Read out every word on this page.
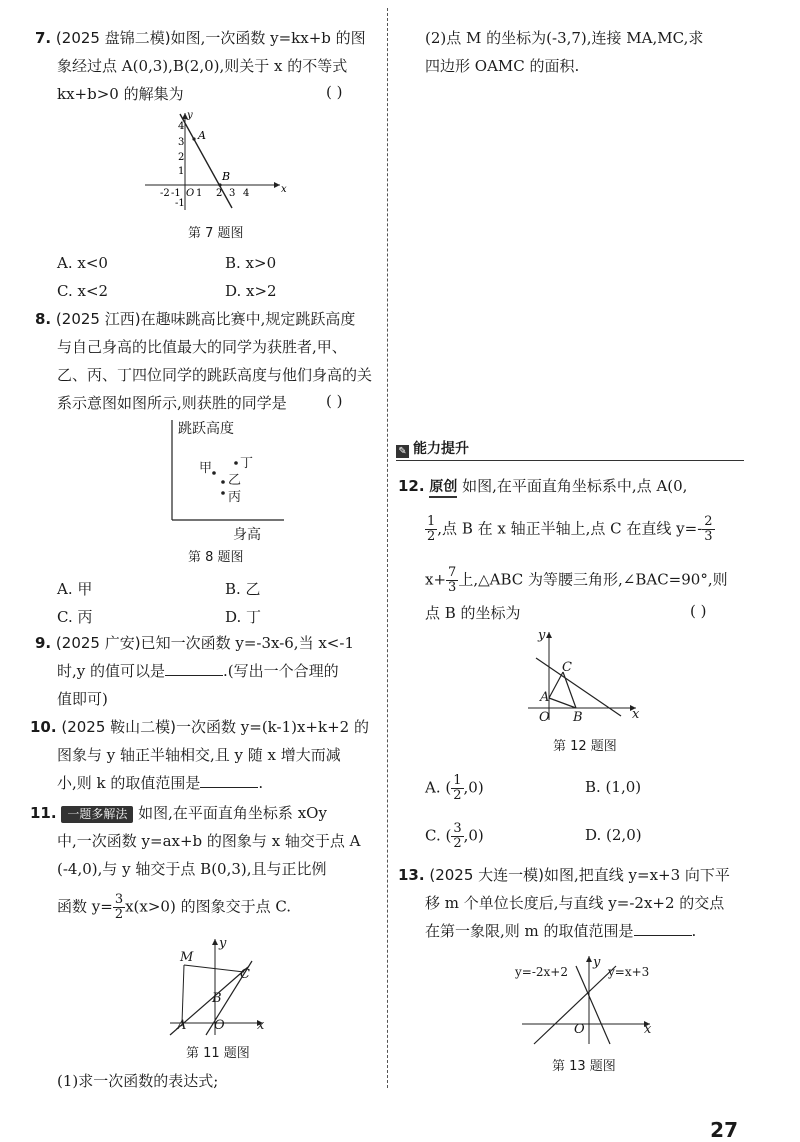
7. (2025 盘锦二模)如图,一次函数 y=kx+b 的图
象经过点 A(0,3),B(2,0),则关于 x 的不等式
kx+b>0 的解集为	( )
y
x
A
B
-2 -1 O 1 2 3 4
4
3
2
1
-1
第 7 题图
A. x<0	B. x>0
C. x<2	D. x>2
8. (2025 江西)在趣味跳高比赛中,规定跳跃高度
与自己身高的比值最大的同学为获胜者,甲、
乙、丙、丁四位同学的跳跃高度与他们身高的关
系示意图如图所示,则获胜的同学是	( )
跳跃高度
身高
甲
乙
丙
丁
第 8 题图
A. 甲	B. 乙
C. 丙	D. 丁
9. (2025 广安)已知一次函数 y=-3x-6,当 x<-1
时,y 的值可以是	.(写出一个合理的
值即可)
10. (2025 鞍山二模)一次函数 y=(k-1)x+k+2 的
图象与 y 轴正半轴相交,且 y 随 x 增大而减
小,则 k 的取值范围是	.
11. 一题多解法 如图,在平面直角坐标系 xOy
中,一次函数 y=ax+b 的图象与 x 轴交于点 A
(-4,0),与 y 轴交于点 B(0,3),且与正比例
函数 $y= \frac{3}{2} x(x>0)$ 的图象交于点 C.
M
y
C
B
A O x
第 11 题图
(1)求一次函数的表达式;
(2)点 M 的坐标为(-3,7),连接 MA,MC,求
四边形 OAMC 的面积.
✎ 能力提升
12. 原创 如图,在平面直角坐标系中,点 A(0,
$\frac{1}{2}$ ,点 B 在 x 轴正半轴上,点 C 在直线 $y=- \frac{2}{3}$
$x+ \frac{7}{3}$ 上,△ABC 为等腰三角形,∠BAC=90°,则
点 B 的坐标为	( )
y
C
A
O B	x
第 12 题图
A. ( $\frac{1}{2} ,0$)	B. (1,0)
C. ( $\frac{3}{2} ,0$)	D. (2,0)
13. (2025 大连一模)如图,把直线 y=x+3 向下平
移 m 个单位长度后,与直线 y=-2x+2 的交点
在第一象限,则 m 的取值范围是	.
y=-2x+2
y
y=x+3
O	x
第 13 题图
27
